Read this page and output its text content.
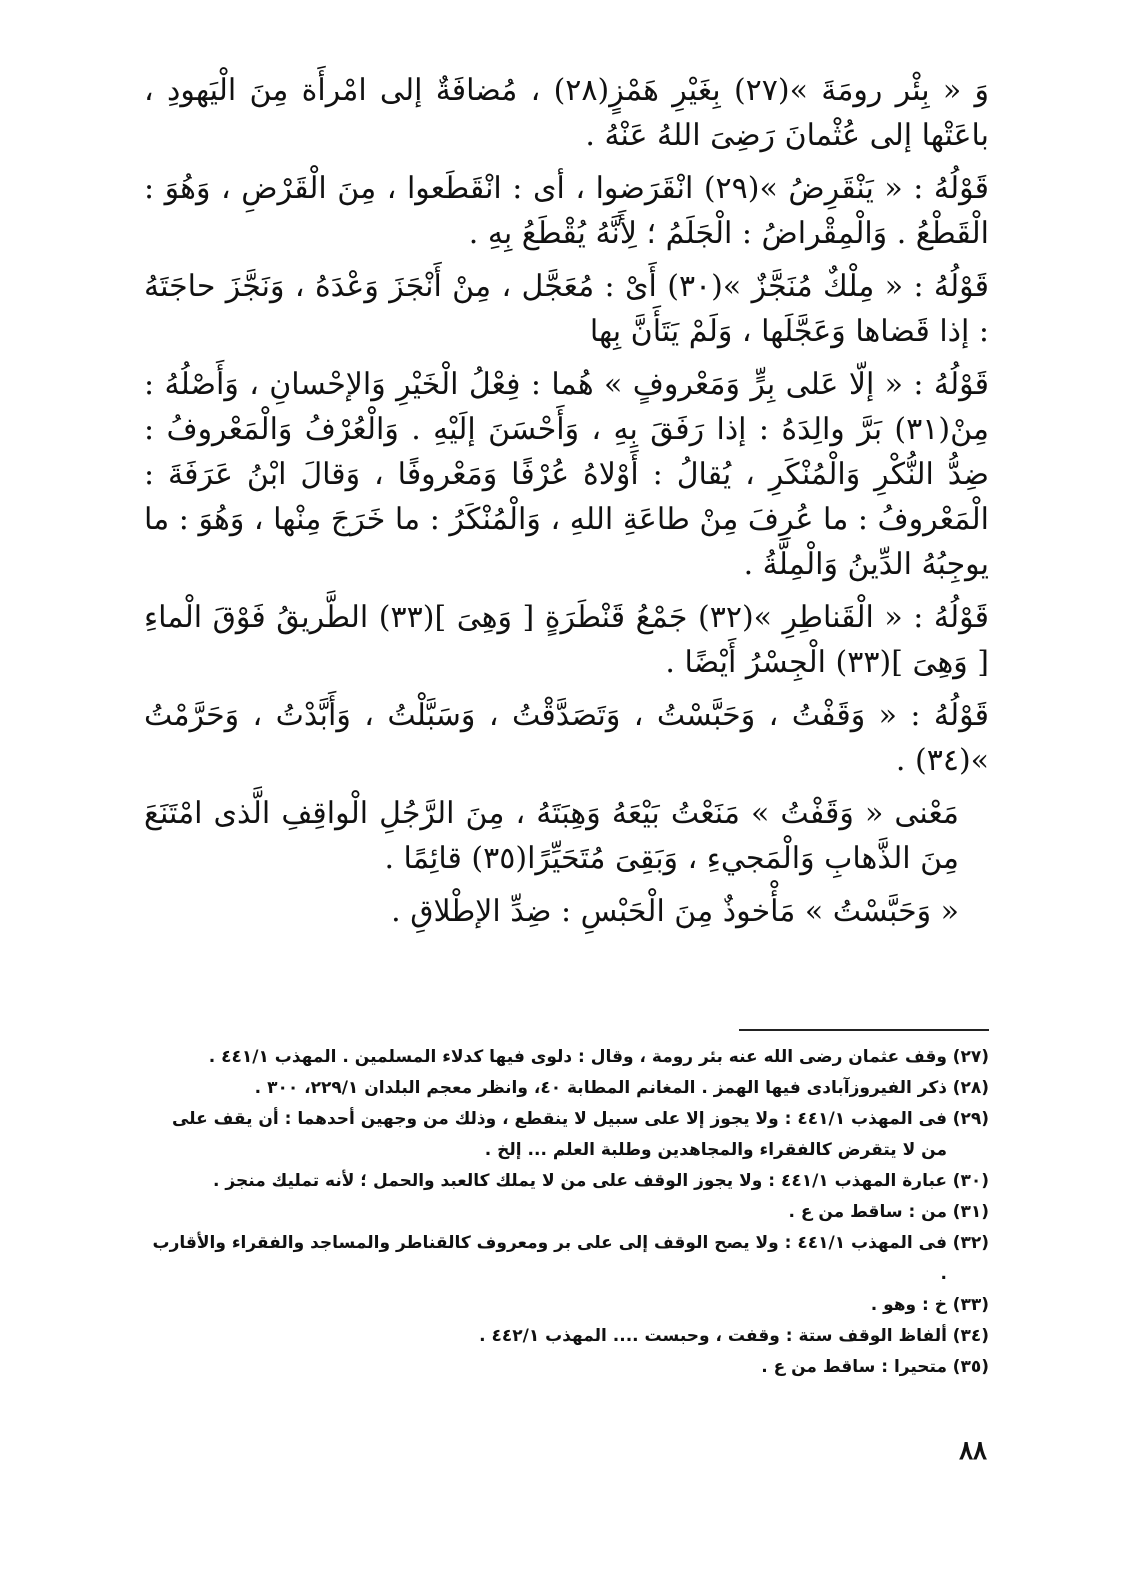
وَ « بِئْر رومَةَ »(٢٧) بِغَيْرِ هَمْزٍ(٢٨) ، مُضافَةٌ إلى امْرأَة مِنَ الْيَهودِ ، باعَتْها إلى عُثْمانَ رَضِىَ اللهُ عَنْهُ .

قَوْلُهُ : « يَنْقَرِضُ »(٢٩) انْقَرَضوا ، أى : انْقَطَعوا ، مِنَ الْقَرْضِ ، وَهُوَ : الْقَطْعُ . وَالْمِقْراضُ : الْجَلَمُ ؛ لِأَنَّهُ يُقْطَعُ بِهِ .

قَوْلُهُ : « مِلْكٌ مُنَجَّزٌ »(٣٠) أَىْ : مُعَجَّل ، مِنْ أَنْجَزَ وَعْدَهُ ، وَنَجَّزَ حاجَتَهُ : إذا قَضاها وَعَجَّلَها ، وَلَمْ يَتَأَنَّ بِها

قَوْلُهُ : « إلّا عَلى بِرٍّ وَمَعْروفٍ » هُما : فِعْلُ الْخَيْرِ وَالإحْسانِ ، وَأَصْلُهُ : مِنْ(٣١) بَرَّ والِدَهُ : إذا رَفَقَ بِهِ ، وَأَحْسَنَ إلَيْهِ . وَالْعُرْفُ وَالْمَعْروفُ : ضِدُّ النُّكْرِ وَالْمُنْكَرِ ، يُقالُ : أَوْلاهُ عُرْفًا وَمَعْروفًا ، وَقالَ ابْنُ عَرَفَةَ : الْمَعْروفُ : ما عُرِفَ مِنْ طاعَةِ اللهِ ، وَالْمُنْكَرُ : ما خَرَجَ مِنْها ، وَهُوَ : ما يوجِبُهُ الدِّينُ وَالْمِلَّةُ .

قَوْلُهُ : « الْقَناطِرِ »(٣٢) جَمْعُ قَنْطَرَةٍ [ وَهِىَ ](٣٣) الطَّريقُ فَوْقَ الْماءِ [ وَهِىَ ](٣٣) الْجِسْرُ أَيْضًا .

قَوْلُهُ : « وَقَفْتُ ، وَحَبَّسْتُ ، وَتَصَدَّقْتُ ، وَسَبَّلْتُ ، وَأَبَّدْتُ ، وَحَرَّمْتُ »(٣٤) .

مَعْنى « وَقَفْتُ » مَنَعْتُ بَيْعَهُ وَهِبَتَهُ ، مِنَ الرَّجُلِ الْواقِفِ الَّذى امْتَنَعَ مِنَ الذَّهابِ وَالْمَجيءِ ، وَبَقِىَ مُتَحَيِّرًا(٣٥) قائِمًا .

« وَحَبَّسْتُ » مَأْخوذٌ مِنَ الْحَبْسِ : ضِدِّ الإطْلاقِ .

(٢٧)وقف عثمان رضى الله عنه بئر رومة ، وقال : دلوى فيها كدلاء المسلمين . المهذب ٤٤١/١ .

(٢٨)ذكر الفيروزآبادى فيها الهمز . المغانم المطابة ٤٠، وانظر معجم البلدان ٢٢٩/١، ٣٠٠ .

(٢٩)فى المهذب ٤٤١/١ : ولا يجوز إلا على سبيل لا ينقطع ، وذلك من وجهين أحدهما : أن يقف على من لا يتقرض كالفقراء والمجاهدين وطلبة العلم ... إلخ .

(٣٠)عبارة المهذب ٤٤١/١ : ولا يجوز الوقف على من لا يملك كالعبد والحمل ؛ لأنه تمليك منجز .

(٣١)من : ساقط من ع .

(٣٢)فى المهذب ٤٤١/١ : ولا يصح الوقف إلى على بر ومعروف كالقناطر والمساجد والفقراء والأقارب .

(٣٣)خ : وهو .

(٣٤)ألفاظ الوقف ستة : وقفت ، وحبست .... المهذب ٤٤٢/١ .

(٣٥)متحيرا : ساقط من ع .

٨٨
